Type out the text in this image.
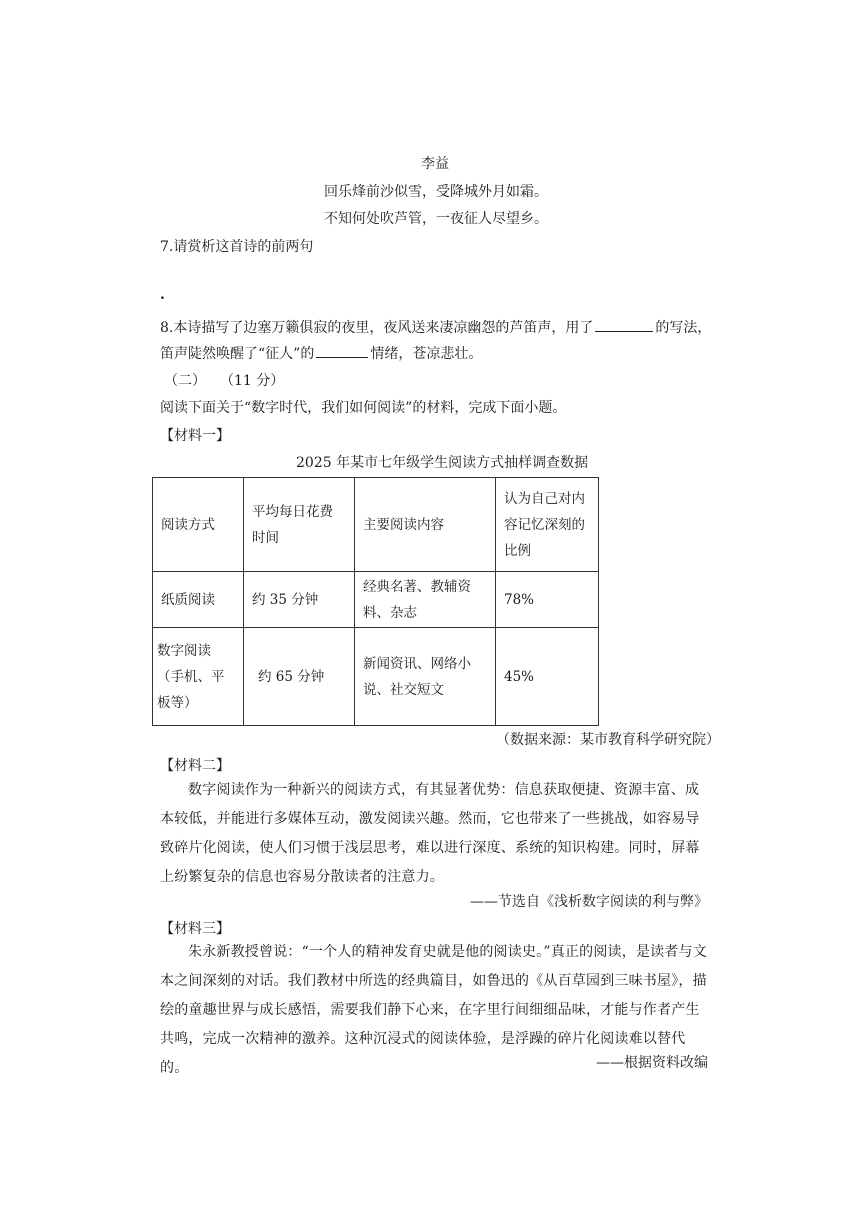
李益
回乐烽前沙似雪，受降城外月如霜。
不知何处吹芦管，一夜征人尽望乡。
7.请赏析这首诗的前两句
.
8.本诗描写了边塞万籁俱寂的夜里，夜风送来凄凉幽怨的芦笛声，用了	的写法，
笛声陡然唤醒了“征人”的	情绪，苍凉悲壮。
（二） （11 分）
阅读下面关于“数字时代，我们如何阅读”的材料，完成下面小题。
【材料一】
2025 年某市七年级学生阅读方式抽样调查数据
阅读方式	平均每日花费时间	主要阅读内容	认为自己对内容记忆深刻的比例

纸质阅读	约 35 分钟	经典名著、教辅资料、杂志	78%

数字阅读（手机、平板等）	约 65 分钟	新闻资讯、网络小说、社交短文	45%
（数据来源：某市教育科学研究院）
【材料二】
数字阅读作为一种新兴的阅读方式，有其显著优势：信息获取便捷、资源丰富、成本较低，并能进行多媒体互动，激发阅读兴趣。然而，它也带来了一些挑战，如容易导致碎片化阅读，使人们习惯于浅层思考，难以进行深度、系统的知识构建。同时，屏幕上纷繁复杂的信息也容易分散读者的注意力。
——节选自《浅析数字阅读的利与弊》
【材料三】
朱永新教授曾说：“一个人的精神发育史就是他的阅读史。”真正的阅读，是读者与文本之间深刻的对话。我们教材中所选的经典篇目，如鲁迅的《从百草园到三味书屋》，描绘的童趣世界与成长感悟，需要我们静下心来，在字里行间细细品味，才能与作者产生共鸣，完成一次精神的激养。这种沉浸式的阅读体验，是浮躁的碎片化阅读难以替代的。	——根据资料改编
